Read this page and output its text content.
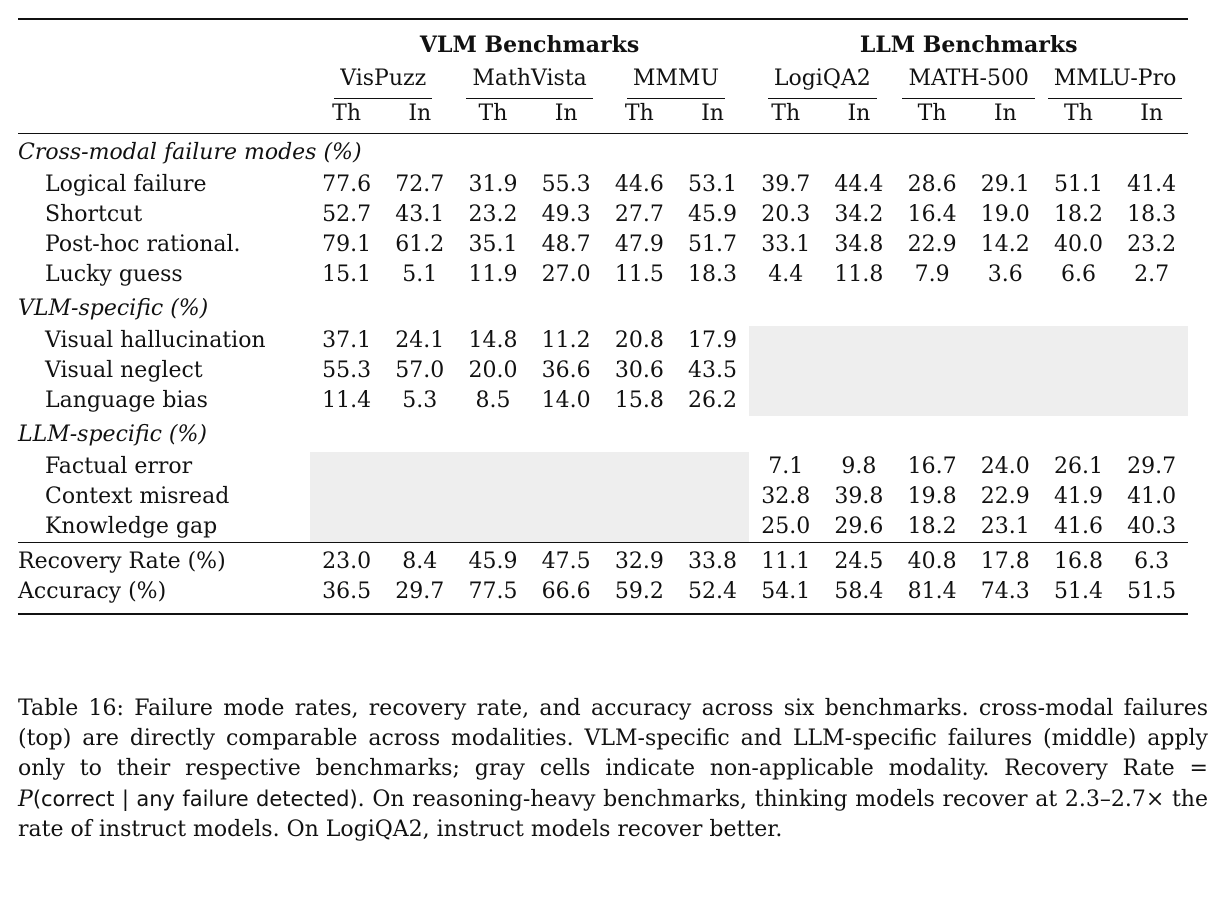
	VLM Benchmarks						LLM Benchmarks					
	VisPuzz		MathVista		MMMU		LogiQA2		MATH-500		MMLU-Pro	
	Th	In	Th	In	Th	In	Th	In	Th	In	Th	In
Cross-modal failure modes (%)												
Logical failure	77.6	72.7	31.9	55.3	44.6	53.1	39.7	44.4	28.6	29.1	51.1	41.4
Shortcut	52.7	43.1	23.2	49.3	27.7	45.9	20.3	34.2	16.4	19.0	18.2	18.3
Post-hoc rational.	79.1	61.2	35.1	48.7	47.9	51.7	33.1	34.8	22.9	14.2	40.0	23.2
Lucky guess	15.1	5.1	11.9	27.0	11.5	18.3	4.4	11.8	7.9	3.6	6.6	2.7
VLM-specific (%)												
Visual hallucination	37.1	24.1	14.8	11.2	20.8	17.9						
Visual neglect	55.3	57.0	20.0	36.6	30.6	43.5						
Language bias	11.4	5.3	8.5	14.0	15.8	26.2						
LLM-specific (%)												
Factual error							7.1	9.8	16.7	24.0	26.1	29.7
Context misread							32.8	39.8	19.8	22.9	41.9	41.0
Knowledge gap							25.0	29.6	18.2	23.1	41.6	40.3

Recovery Rate (%)	23.0	8.4	45.9	47.5	32.9	33.8	11.1	24.5	40.8	17.8	16.8	6.3
Accuracy (%)	36.5	29.7	77.5	66.6	59.2	52.4	54.1	58.4	81.4	74.3	51.4	51.5

Table 16: Failure mode rates, recovery rate, and accuracy across six benchmarks. cross-modal failures (top) are directly comparable across modalities. VLM-specific and LLM-specific failures (middle) apply only to their respective benchmarks; gray cells indicate non-applicable modality. Recovery Rate = P(correct | any failure detected). On reasoning-heavy benchmarks, thinking models recover at 2.3–2.7× the rate of instruct models. On LogiQA2, instruct models recover better.
